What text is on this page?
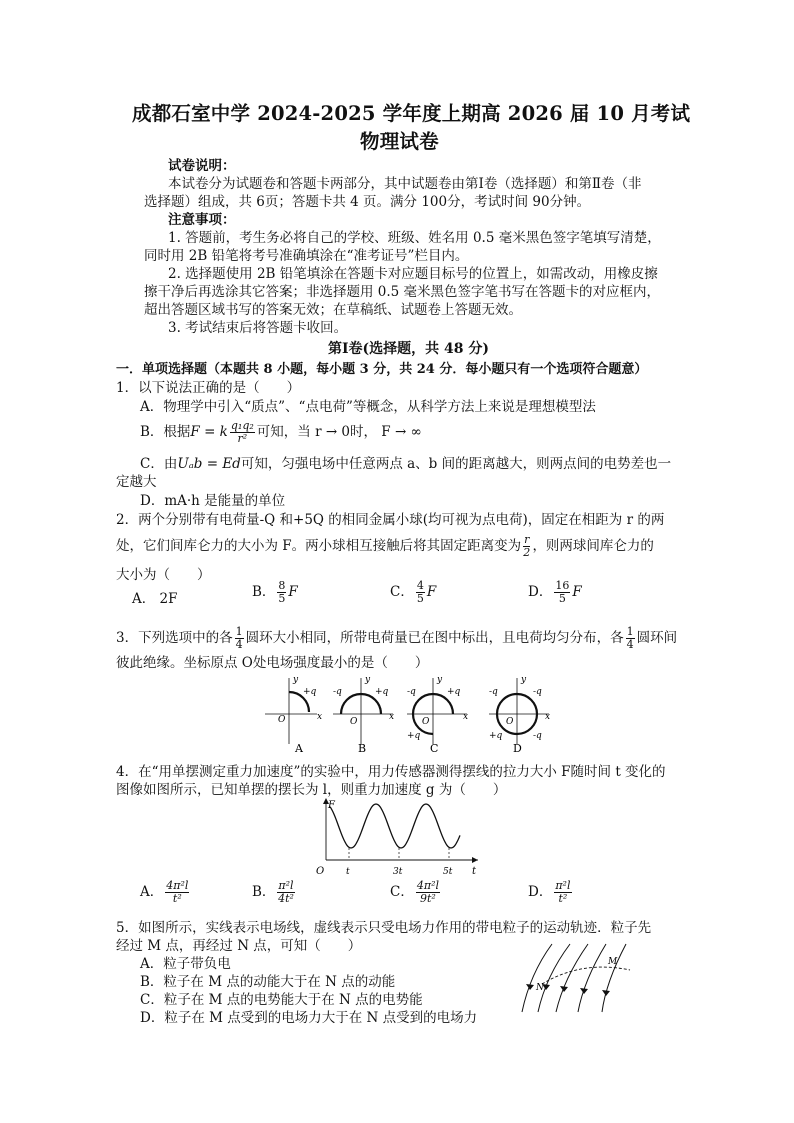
成都石室中学 2024-2025 学年度上期高 2026 届 10 月考试
物理试卷
试卷说明：
本试卷分为试题卷和答题卡两部分，其中试题卷由第Ⅰ卷（选择题）和第Ⅱ卷（非
选择题）组成，共 6页；答题卡共 4 页。满分 100分，考试时间 90分钟。
注意事项：
1. 答题前，考生务必将自己的学校、班级、姓名用 0.5 毫米黑色签字笔填写清楚，
同时用 2B 铅笔将考号准确填涂在“准考证号”栏目内。
2. 选择题使用 2B 铅笔填涂在答题卡对应题目标号的位置上，如需改动，用橡皮擦
擦干净后再选涂其它答案；非选择题用 0.5 毫米黑色签字笔书写在答题卡的对应框内，
超出答题区域书写的答案无效；在草稿纸、试题卷上答题无效。
3. 考试结束后将答题卡收回。
第Ⅰ卷(选择题，共 48 分)
一．单项选择题（本题共 8 小题，每小题 3 分，共 24 分．每小题只有一个选项符合题意）
1．以下说法正确的是（　　）
A．物理学中引入“质点”、“点电荷”等概念，从科学方法上来说是理想模型法
B．根据F = k $\frac{\text{q₁q₂}}{\text{r²}}$ 可知，当 r → 0时， F → ∞
C．由Uₐb = Ed可知，匀强电场中任意两点 a、b 间的距离越大，则两点间的电势差也一
定越大
D．mA·h 是能量的单位
2．两个分别带有电荷量-Q 和+5Q 的相同金属小球(均可视为点电荷)，固定在相距为 r 的两
处，它们间库仑力的大小为 F。两小球相互接触后将其固定距离变为 $\frac{r}{2}$ ，则两球间库仑力的
大小为（　　）
A． 2F	B． $\frac{8}{5}$ F	C． $\frac{4}{5}$ F	D． $\frac{16}{5}$ F
3．下列选项中的各 $\frac{1}{4}$ 圆环大小相同，所带电荷量已在图中标出，且电荷均匀分布，各 $\frac{1}{4}$ 圆环间
彼此绝缘。坐标原点 O处电场强度最小的是（　　）
y
x
O
+q
A
y
x
O
-q	+q
B
y
x
O
-q	+q
+q
C
y
x
O
-q	-q
+q	-q
D
4．在“用单摆测定重力加速度”的实验中，用力传感器测得摆线的拉力大小 F随时间 t 变化的
图像如图所示，已知单摆的摆长为 l，则重力加速度 g 为（　　）
F
t
O t	3t	5t
A． $\frac{\text{4π²l}}{\text{t²}}$	B． $\frac{\text{π²l}}{\text{4t²}}$	C． $\frac{\text{4π²l}}{\text{9t²}}$	D． $\frac{\text{π²l}}{\text{t²}}$
5．如图所示，实线表示电场线，虚线表示只受电场力作用的带电粒子的运动轨迹．粒子先
经过 M 点，再经过 N 点，可知（　　）
A．粒子带负电
B．粒子在 M 点的动能大于在 N 点的动能
C．粒子在 M 点的电势能大于在 N 点的电势能
D．粒子在 M 点受到的电场力大于在 N 点受到的电场力
M
N
